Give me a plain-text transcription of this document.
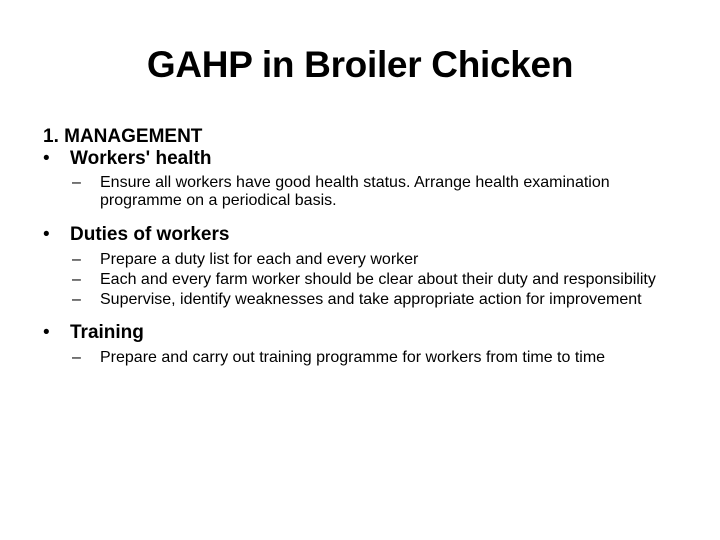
GAHP in Broiler Chicken
1. MANAGEMENT
• Workers' health
– Ensure all workers have good health status. Arrange health examination programme on a periodical basis.
• Duties of workers
– Prepare a duty list for each and every worker
– Each and every farm worker should be clear about their duty and responsibility
– Supervise, identify weaknesses and take appropriate action for improvement
• Training
– Prepare and carry out training programme for workers from time to time
